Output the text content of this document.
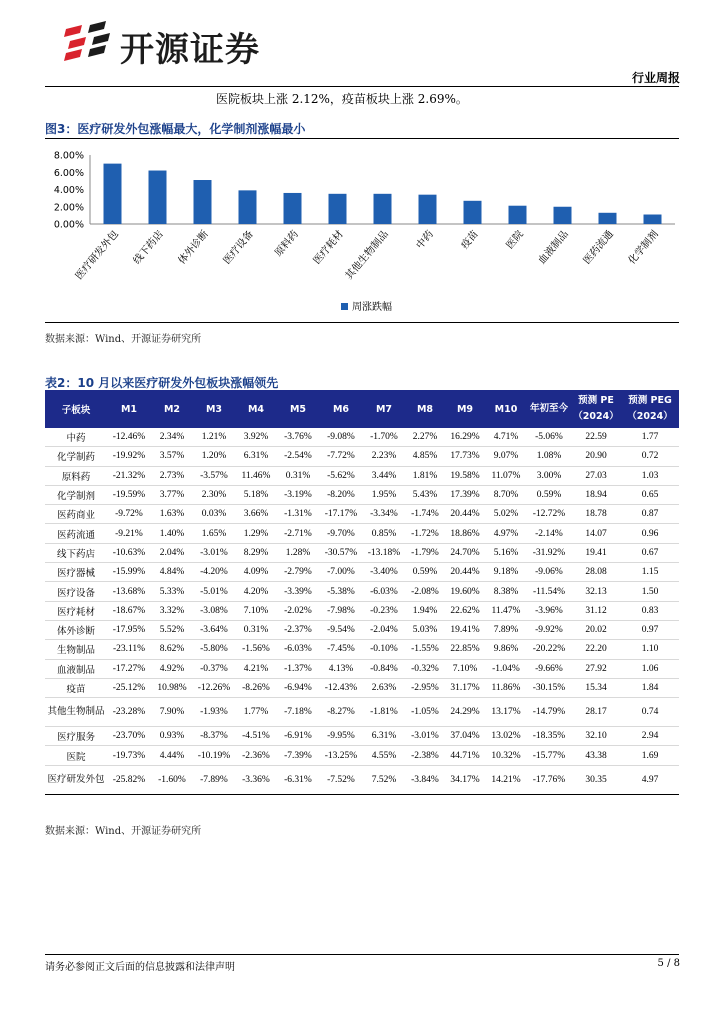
开源证券
行业周报
医院板块上涨 2.12%，疫苗板块上涨 2.69%。
图3：医疗研发外包涨幅最大，化学制剂涨幅最小
0.00%
2.00%
4.00%
6.00%
8.00%
医疗研发外包 线下药店 体外诊断 医疗设备 原料药 医疗耗材
其他生物制品 中药 疫苗 医院 血液制品 医药流通 化学制剂
周涨跌幅
数据来源：Wind、开源证券研究所
表2：10 月以来医疗研发外包板块涨幅领先
子板块	M1	M2	M3	M4	M5	M6	M7	M8	M9	M10	年初至今	预测 PE（2024）	预测 PEG（2024）
中药	-12.46%	2.34%	1.21%	3.92%	-3.76%	-9.08%	-1.70%	2.27%	16.29%	4.71%	-5.06%	22.59	1.77
化学制药	-19.92%	3.57%	1.20%	6.31%	-2.54%	-7.72%	2.23%	4.85%	17.73%	9.07%	1.08%	20.90	0.72
原料药	-21.32%	2.73%	-3.57%	11.46%	0.31%	-5.62%	3.44%	1.81%	19.58%	11.07%	3.00%	27.03	1.03
化学制剂	-19.59%	3.77%	2.30%	5.18%	-3.19%	-8.20%	1.95%	5.43%	17.39%	8.70%	0.59%	18.94	0.65
医药商业	-9.72%	1.63%	0.03%	3.66%	-1.31%	-17.17%	-3.34%	-1.74%	20.44%	5.02%	-12.72%	18.78	0.87
医药流通	-9.21%	1.40%	1.65%	1.29%	-2.71%	-9.70%	0.85%	-1.72%	18.86%	4.97%	-2.14%	14.07	0.96
线下药店	-10.63%	2.04%	-3.01%	8.29%	1.28%	-30.57%	-13.18%	-1.79%	24.70%	5.16%	-31.92%	19.41	0.67
医疗器械	-15.99%	4.84%	-4.20%	4.09%	-2.79%	-7.00%	-3.40%	0.59%	20.44%	9.18%	-9.06%	28.08	1.15
医疗设备	-13.68%	5.33%	-5.01%	4.20%	-3.39%	-5.38%	-6.03%	-2.08%	19.60%	8.38%	-11.54%	32.13	1.50
医疗耗材	-18.67%	3.32%	-3.08%	7.10%	-2.02%	-7.98%	-0.23%	1.94%	22.62%	11.47%	-3.96%	31.12	0.83
体外诊断	-17.95%	5.52%	-3.64%	0.31%	-2.37%	-9.54%	-2.04%	5.03%	19.41%	7.89%	-9.92%	20.02	0.97
生物制品	-23.11%	8.62%	-5.80%	-1.56%	-6.03%	-7.45%	-0.10%	-1.55%	22.85%	9.86%	-20.22%	22.20	1.10
血液制品	-17.27%	4.92%	-0.37%	4.21%	-1.37%	4.13%	-0.84%	-0.32%	7.10%	-1.04%	-9.66%	27.92	1.06
疫苗	-25.12%	10.98%	-12.26%	-8.26%	-6.94%	-12.43%	2.63%	-2.95%	31.17%	11.86%	-30.15%	15.34	1.84
其他生物制品	-23.28%	7.90%	-1.93%	1.77%	-7.18%	-8.27%	-1.81%	-1.05%	24.29%	13.17%	-14.79%	28.17	0.74
医疗服务	-23.70%	0.93%	-8.37%	-4.51%	-6.91%	-9.95%	6.31%	-3.01%	37.04%	13.02%	-18.35%	32.10	2.94
医院	-19.73%	4.44%	-10.19%	-2.36%	-7.39%	-13.25%	4.55%	-2.38%	44.71%	10.32%	-15.77%	43.38	1.69
医疗研发外包	-25.82%	-1.60%	-7.89%	-3.36%	-6.31%	-7.52%	7.52%	-3.84%	34.17%	14.21%	-17.76%	30.35	4.97
数据来源：Wind、开源证券研究所
请务必参阅正文后面的信息披露和法律声明	5 / 8
